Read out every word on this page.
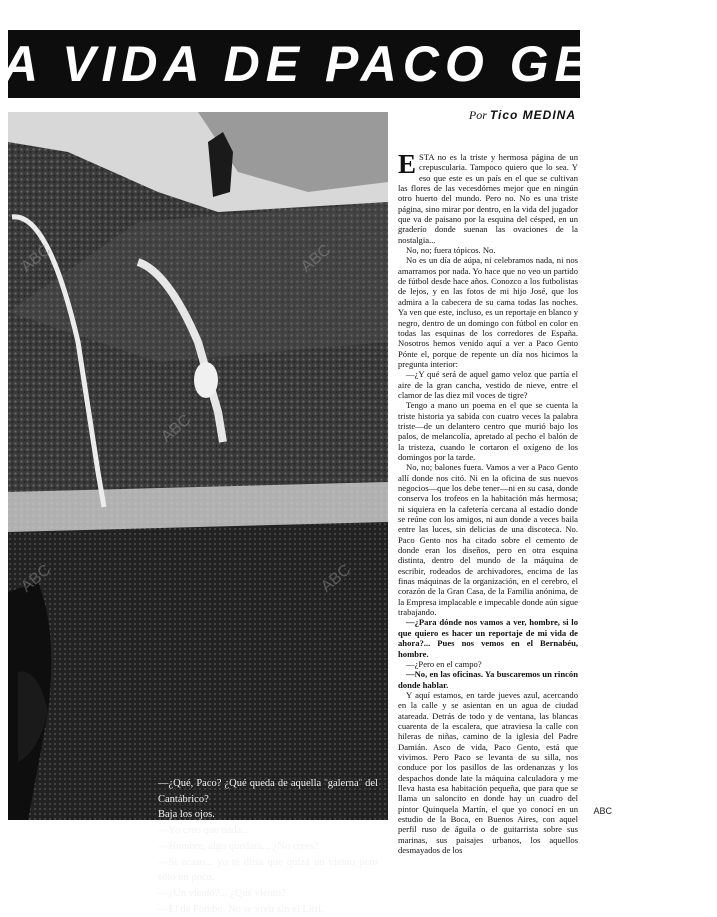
A VIDA DE PACO GENTO
Por Tico MEDINA

—¿Qué, Paco? ¿Qué queda de aquella ¨galerna¨ del Cantábrico?

Baja los ojos.

—Yo creo que nada...

—Hombre, algo quedará... ¿No crees?

—Si acaso... yo te diría que quizá un viento pero sólo un poco.

—¿Un viento?... ¿Qué viento?

—El de Pombo. No se vivir sin el Litri.

ESTA no es la triste y hermosa página de un crepuscularia. Tampoco quiero que lo sea. Y eso que este es un país en el que se cultivan las flores de las vecesdórnes mejor que en ningún otro huerto del mundo. Pero no. No es una triste página, sino mirar por dentro, en la vida del jugador que va de paisano por la esquina del césped, en un graderío donde suenan las ovaciones de la nostalgia...

No, no; fuera tópicos. No.

No es un día de aúpa, ni celebramos nada, ni nos amarramos por nada. Yo hace que no veo un partido de fútbol desde hace años. Conozco a los futbolistas de lejos, y en las fotos de mi hijo José, que los admira a la cabecera de su cama todas las noches. Ya ven que este, incluso, es un reportaje en blanco y negro, dentro de un domingo con fútbol en color en todas las esquinas de los corredores de España. Nosotros hemos venido aquí a ver a Paco Gento Pónte el, porque de repente un día nos hicimos la pregunta interior:

—¿Y qué será de aquel gamo veloz que partía el aire de la gran cancha, vestido de nieve, entre el clamor de las diez mil voces de tigre?

Tengo a mano un poema en el que se cuenta la triste historia ya sabida con cuatro veces la palabra triste—de un delantero centro que murió bajo los palos, de melancolía, apretado al pecho el balón de la tristeza, cuando le cortaron el oxígeno de los domingos por la tarde.

No, no; balones fuera. Vamos a ver a Paco Gento allí donde nos citó. Ni en la oficina de sus nuevos negocios—que los debe tener—ni en su casa, donde conserva los trofeos en la habitación más hermosa; ni siquiera en la cafetería cercana al estadio donde se reúne con los amigos, ni aun donde a veces baila entre las luces, sin delicias de una discoteca. No. Paco Gento nos ha citado sobre el cemento de donde eran los diseños, pero en otra esquina distinta, dentro del mundo de la máquina de escribir, rodeados de archivadores, encima de las finas máquinas de la organización, en el cerebro, el corazón de la Gran Casa, de la Familia anónima, de la Empresa implacable e impecable donde aún sigue trabajando.

—¿Para dónde nos vamos a ver, hombre, si lo que quiero es hacer un reportaje de mi vida de ahora?... Pues nos vemos en el Bernabéu, hombre.

—¿Pero en el campo?

—No, en las oficinas. Ya buscaremos un rincón donde hablar.

Y aquí estamos, en tarde jueves azul, acercando en la calle y se asientan en un agua de ciudad atareada. Detrás de todo y de ventana, las blancas cuarenta de la escalera, que atraviesa la calle con hileras de niñas, camino de la iglesia del Padre Damián. Asco de vida, Paco Gento, está que vivimos. Pero Paco se levanta de su silla, nos conduce por los pasillos de las ordenanzas y los despachos donde late la máquina calculadora y me lleva hasta esa habitación pequeña, que para que se llama un saloncito en donde hay un cuadro del pintor Quinquela Martín, el que yo conocí en un estudio de la Boca, en Buenos Aires, con aquel perfil ruso de águila o de guitarrista sobre sus marinas, sus paisajes urbanos, los aquellos desmayados de los

ABC	ABC
ABC	ABC
ABC
ABC
